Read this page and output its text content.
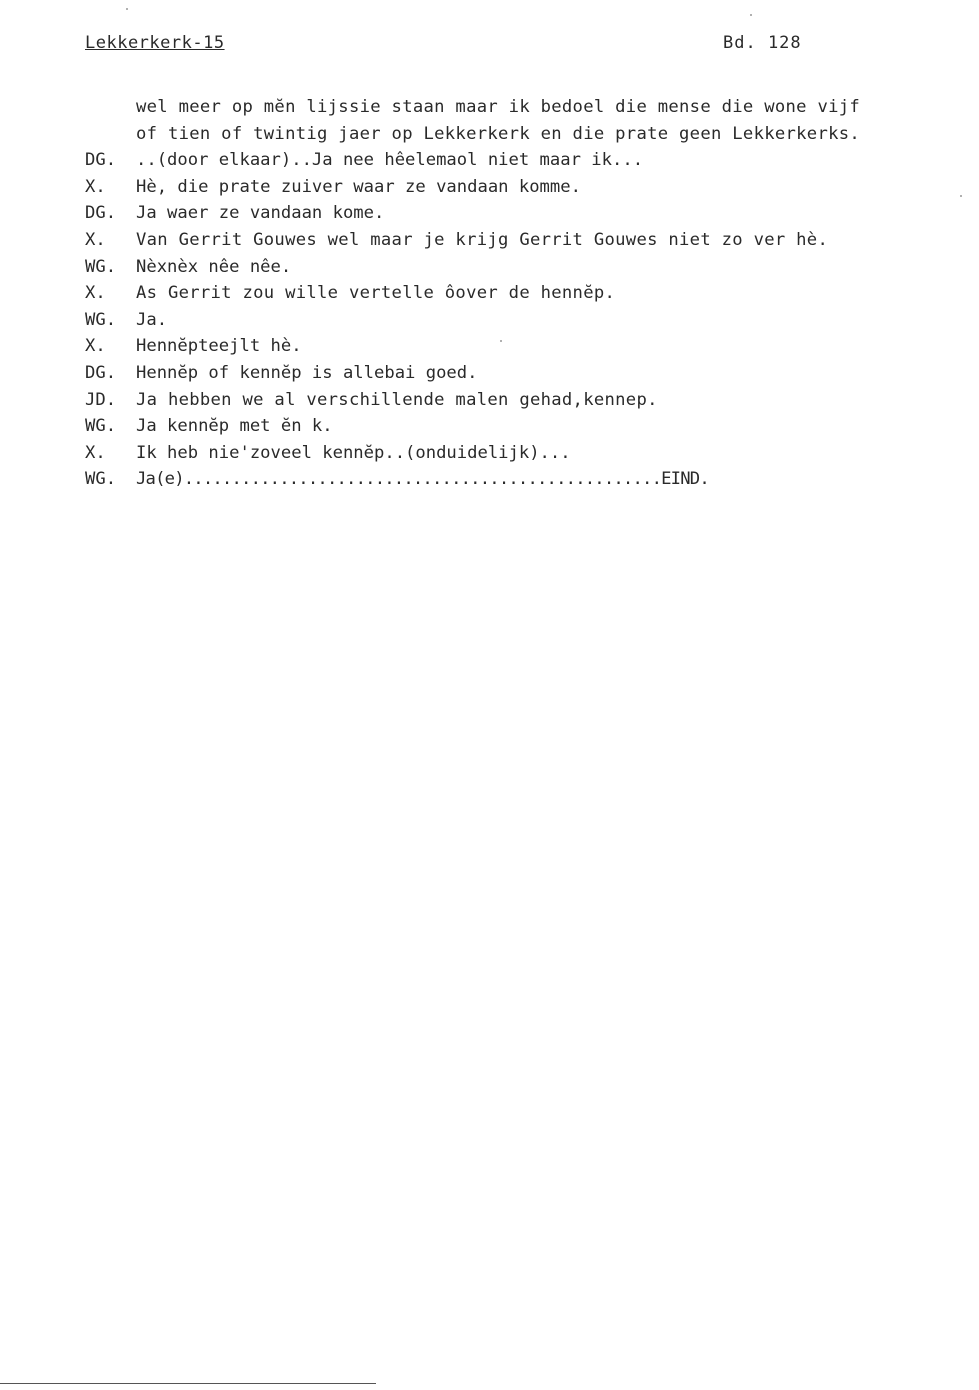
Lekkerkerk-15	Bd. 128
wel meer op mĕn lijssie staan maar ik bedoel die mense die wone vijf
of tien of twintig jaer op Lekkerkerk en die prate geen Lekkerkerks.
DG.	..(door elkaar)..Ja nee hêelemaol niet maar ik...
X.	Hè, die prate zuiver waar ze vandaan komme.
DG.	Ja waer ze vandaan kome.
X.	Van Gerrit Gouwes wel maar je krijg Gerrit Gouwes niet zo ver hè.
WG.	Nèxnèx nêe nêe.
X.	As Gerrit zou wille vertelle ôover de hennĕp.
WG.	Ja.
X.	Hennĕpteejlt hè.
DG.	Hennĕp of kennĕp is allebai goed.
JD.	Ja hebben we al verschillende malen gehad,kennep.
WG.	Ja kennĕp met ĕn k.
X.	Ik heb nie'zoveel kennĕp..(onduidelijk)...
WG.	Ja(e)..................................................EIND.
